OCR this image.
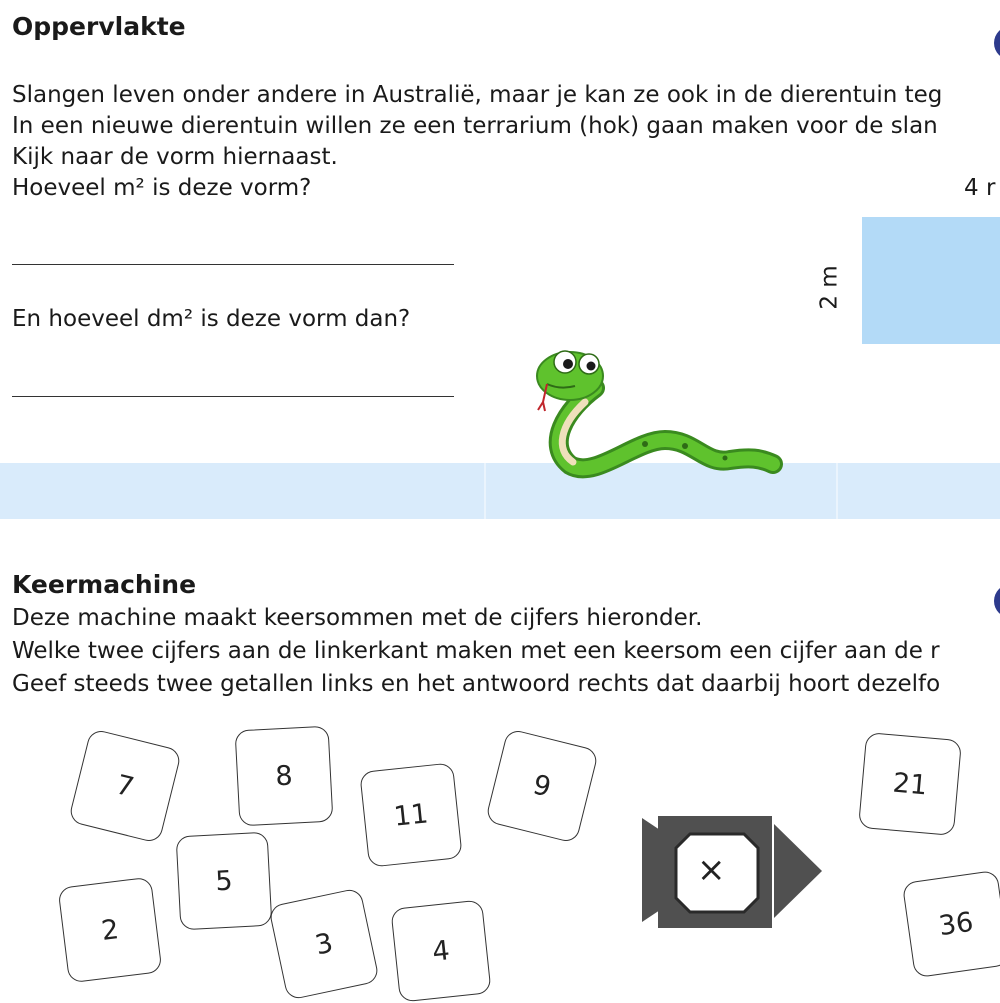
Oppervlakte
Slangen leven onder andere in Australië, maar je kan ze ook in de dierentuin teg
In een nieuwe dierentuin willen ze een terrarium (hok) gaan maken voor de slan
Kijk naar de vorm hiernaast.
Hoeveel m² is deze vorm?
En hoeveel dm² is deze vorm dan?
4 r
2 m
Keermachine
Deze machine maakt keersommen met de cijfers hieronder.
Welke twee cijfers aan de linkerkant maken met een keersom een cijfer aan de r
Geef steeds twee getallen links en het antwoord rechts dat daarbij hoort dezelfo
7	8
11
9
5
2	3	4
×
21
36
